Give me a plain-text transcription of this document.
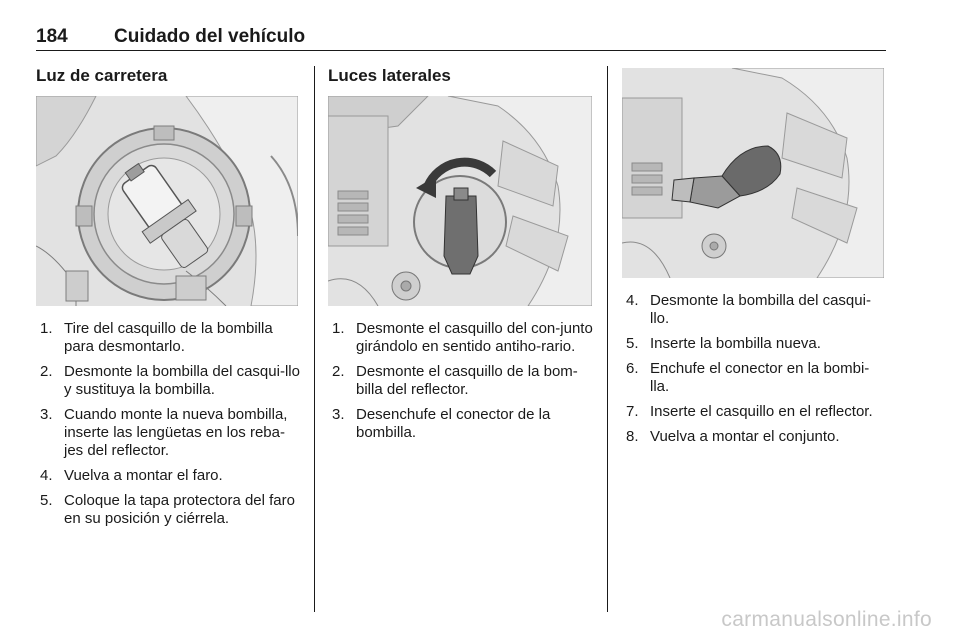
184 Cuidado del vehículo
Luz de carretera
1. Tire del casquillo de la bombilla para desmontarlo.
2. Desmonte la bombilla del casqui-llo y sustituya la bombilla.
3. Cuando monte la nueva bombilla, inserte las lengüetas en los reba-jes del reflector.
4. Vuelva a montar el faro.
5. Coloque la tapa protectora del faro en su posición y ciérrela.
Luces laterales
1. Desmonte el casquillo del con-junto girándolo en sentido antiho-rario.
2. Desmonte el casquillo de la bom-billa del reflector.
3. Desenchufe el conector de la bombilla.
4. Desmonte la bombilla del casqui-llo.
5. Inserte la bombilla nueva.
6. Enchufe el conector en la bombi-lla.
7. Inserte el casquillo en el reflector.
8. Vuelva a montar el conjunto.
carmanualsonline.info
